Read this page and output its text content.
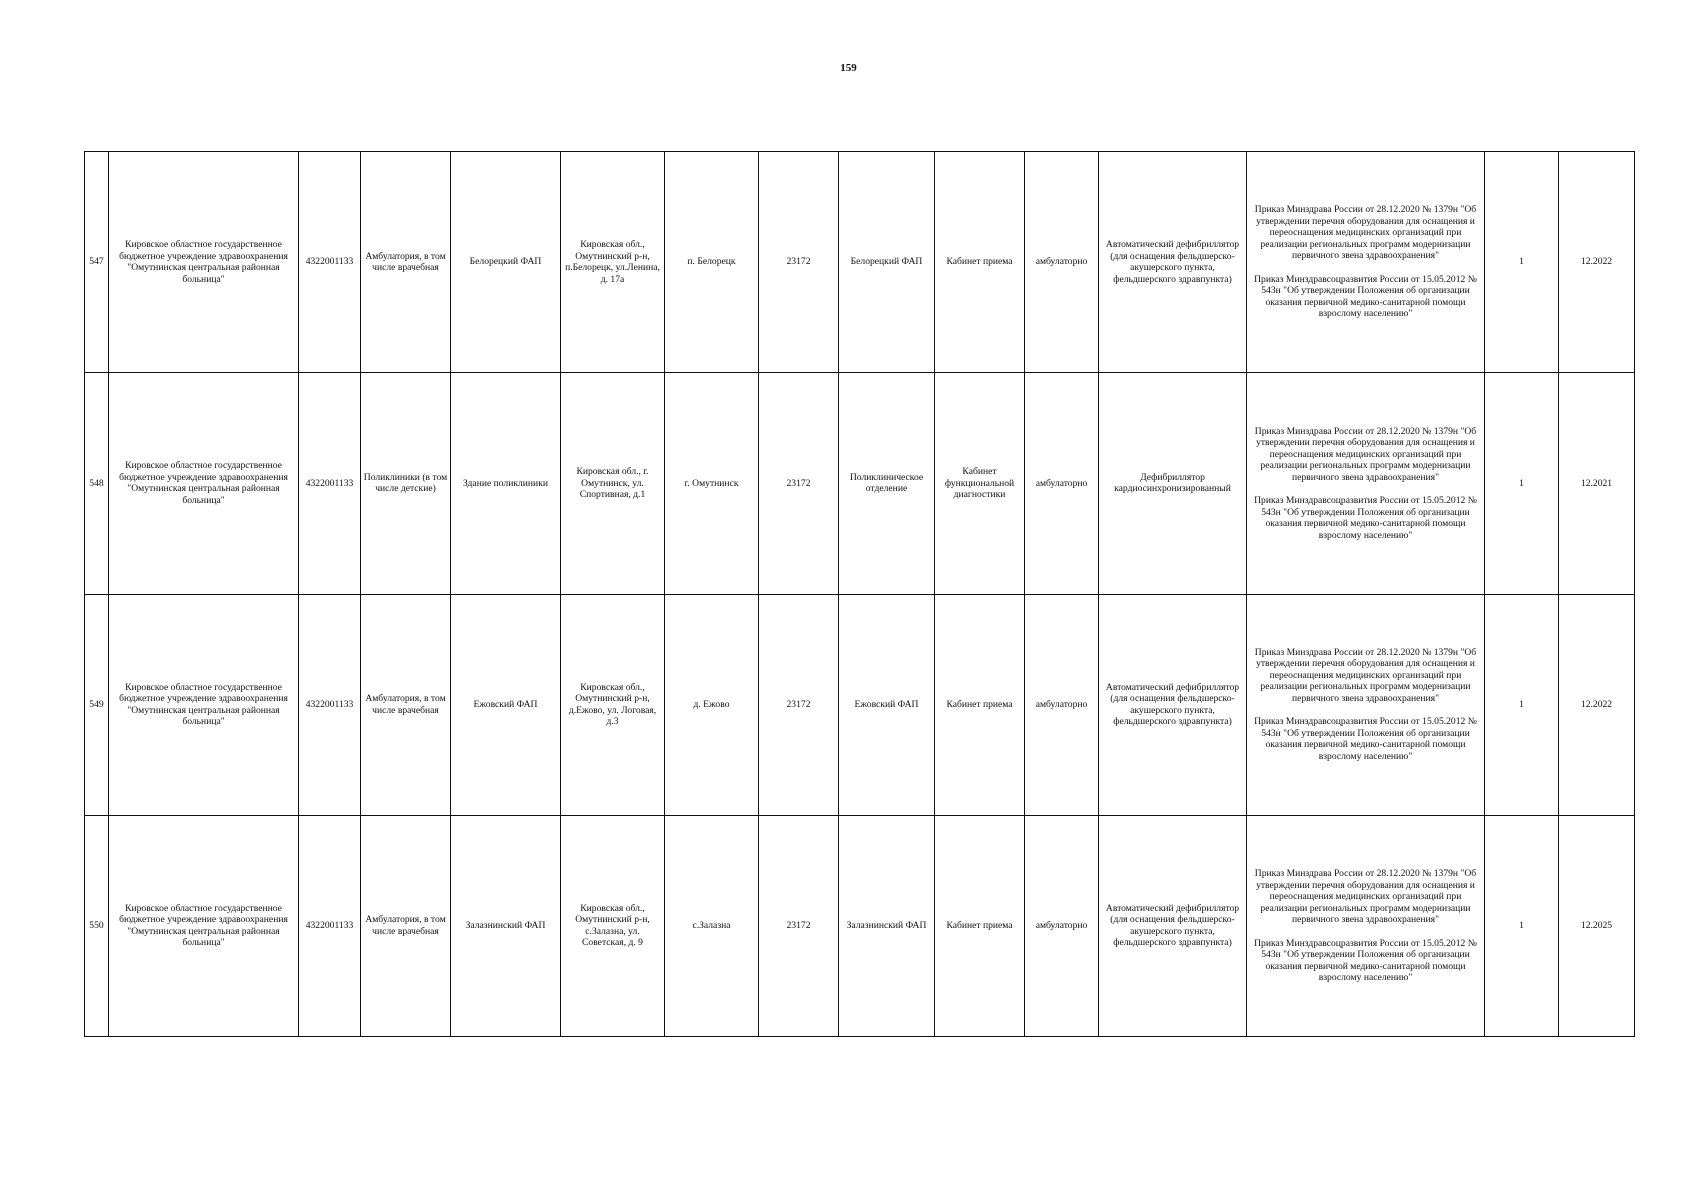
159
547	Кировское областное государственное бюджетное учреждение здравоохранения "Омутнинская центральная районная больница"	4322001133	Амбулатория, в том числе врачебная	Белорецкий ФАП	Кировская обл., Омутнинский р-н, п.Белорецк, ул.Ленина, д. 17а	п. Белорецк	23172	Белорецкий ФАП	Кабинет приема	амбулаторно	Автоматический дефибриллятор (для оснащения фельдшерско-акушерского пункта, фельдшерского здравпункта)	Приказ Минздрава России от 28.12.2020 № 1379н "Об утверждении перечня оборудования для оснащения и переоснащения медицинских организаций при реализации региональных программ модернизации первичного звена здравоохранения"
Приказ Минздравсоцразвития России от 15.05.2012 № 543н "Об утверждении Положения об организации оказания первичной медико-санитарной помощи взрослому населению"	1	12.2022
548	Кировское областное государственное бюджетное учреждение здравоохранения "Омутнинская центральная районная больница"	4322001133	Поликлиники (в том числе детские)	Здание поликлиники	Кировская обл., г. Омутнинск, ул. Спортивная, д.1	г. Омутнинск	23172	Поликлиническое отделение	Кабинет функциональной диагностики	амбулаторно	Дефибриллятор кардиосинхронизированный	Приказ Минздрава России от 28.12.2020 № 1379н "Об утверждении перечня оборудования для оснащения и переоснащения медицинских организаций при реализации региональных программ модернизации первичного звена здравоохранения"
Приказ Минздравсоцразвития России от 15.05.2012 № 543н "Об утверждении Положения об организации оказания первичной медико-санитарной помощи взрослому населению"	1	12.2021
549	Кировское областное государственное бюджетное учреждение здравоохранения "Омутнинская центральная районная больница"	4322001133	Амбулатория, в том числе врачебная	Ежовский ФАП	Кировская обл., Омутнинский р-н, д.Ежово, ул. Логовая, д.3	д. Ежово	23172	Ежовский ФАП	Кабинет приема	амбулаторно	Автоматический дефибриллятор (для оснащения фельдшерско-акушерского пункта, фельдшерского здравпункта)	Приказ Минздрава России от 28.12.2020 № 1379н "Об утверждении перечня оборудования для оснащения и переоснащения медицинских организаций при реализации региональных программ модернизации первичного звена здравоохранения"
Приказ Минздравсоцразвития России от 15.05.2012 № 543н "Об утверждении Положения об организации оказания первичной медико-санитарной помощи взрослому населению"	1	12.2022
550	Кировское областное государственное бюджетное учреждение здравоохранения "Омутнинская центральная районная больница"	4322001133	Амбулатория, в том числе врачебная	Залазнинский ФАП	Кировская обл., Омутнинский р-н, с.Залазна, ул. Советская, д. 9	с.Залазна	23172	Залазнинский ФАП	Кабинет приема	амбулаторно	Автоматический дефибриллятор (для оснащения фельдшерско-акушерского пункта, фельдшерского здравпункта)	Приказ Минздрава России от 28.12.2020 № 1379н "Об утверждении перечня оборудования для оснащения и переоснащения медицинских организаций при реализации региональных программ модернизации первичного звена здравоохранения"
Приказ Минздравсоцразвития России от 15.05.2012 № 543н "Об утверждении Положения об организации оказания первичной медико-санитарной помощи взрослому населению"	1	12.2025
